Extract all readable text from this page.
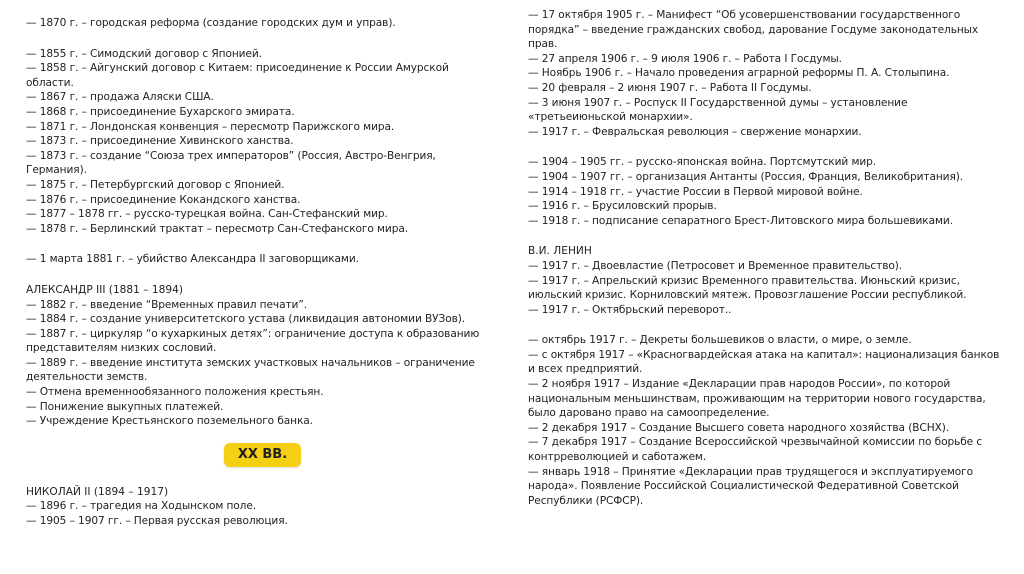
— 1870 г. – городская реформа (создание городских дум и управ).

— 1855 г. – Симодский договор с Японией.

— 1858 г. – Айгунский договор с Китаем: присоединение к России Амурской области.

— 1867 г. – продажа Аляски США.

— 1868 г. – присоединение Бухарского эмирата.

— 1871 г. – Лондонская конвенция – пересмотр Парижского мира.

— 1873 г. – присоединение Хивинского ханства.

— 1873 г. – создание “Союза трех императоров” (Россия, Австро-Венгрия, Германия).

— 1875 г. – Петербургский договор с Японией.

— 1876 г. – присоединение Кокандского ханства.

— 1877 – 1878 гг. – русско-турецкая война. Сан-Стефанский мир.

— 1878 г. – Берлинский трактат – пересмотр Сан-Стефанского мира.

— 1 марта 1881 г. – убийство Александра II заговорщиками.

АЛЕКСАНДР III (1881 – 1894)

— 1882 г. – введение “Временных правил печати”.

— 1884 г. – создание университетского устава (ликвидация автономии ВУЗов).

— 1887 г. – циркуляр “о кухаркиных детях”: ограничение доступа к образованию представителям низких сословий.

— 1889 г. – введение института земских участковых начальников – ограничение деятельности земств.

— Отмена временнообязанного положения крестьян.

— Понижение выкупных платежей.

— Учреждение Крестьянского поземельного банка.

XX ВВ.

НИКОЛАЙ II (1894 – 1917)

— 1896 г. – трагедия на Ходынском поле.

— 1905 – 1907 гг. – Первая русская революция.

— 17 октября 1905 г. – Манифест “Об усовершенствовании государственного порядка” – введение гражданских свобод, дарование Госдуме законодательных прав.

— 27 апреля 1906 г. – 9 июля 1906 г. – Работа I Госдумы.

— Ноябрь 1906 г. – Начало проведения аграрной реформы П. А. Столыпина.

— 20 февраля – 2 июня 1907 г. – Работа II Госдумы.

— 3 июня 1907 г. – Роспуск II Государственной думы – установление «третьеиюньской монархии».

— 1917 г. – Февральская революция – свержение монархии.

— 1904 – 1905 гг. – русско-японская война. Портсмутский мир.

— 1904 – 1907 гг. – организация Антанты (Россия, Франция, Великобритания).

— 1914 – 1918 гг. – участие России в Первой мировой войне.

— 1916 г. – Брусиловский прорыв.

— 1918 г. – подписание сепаратного Брест-Литовского мира большевиками.

В.И. ЛЕНИН

— 1917 г. – Двоевластие (Петросовет и Временное правительство).

— 1917 г. – Апрельский кризис Временного правительства. Июньский кризис, июльский кризис. Корниловский мятеж. Провозглашение России республикой.

— 1917 г. – Октябрьский переворот..

— октябрь 1917 г. – Декреты большевиков о власти, о мире, о земле.

— с октября 1917 – «Красногвардейская атака на капитал»: национализация банков и всех предприятий.

— 2 ноября 1917 – Издание «Декларации прав народов России», по которой национальным меньшинствам, проживающим на территории нового государства, было даровано право на самоопределение.

— 2 декабря 1917 – Создание Высшего совета народного хозяйства (ВСНХ).

— 7 декабря 1917 – Создание Всероссийской чрезвычайной комиссии по борьбе с контрреволюцией и саботажем.

— январь 1918 – Принятие «Декларации прав трудящегося и эксплуатируемого народа». Появление Российской Социалистической Федеративной Советской Республики (РСФСР).
